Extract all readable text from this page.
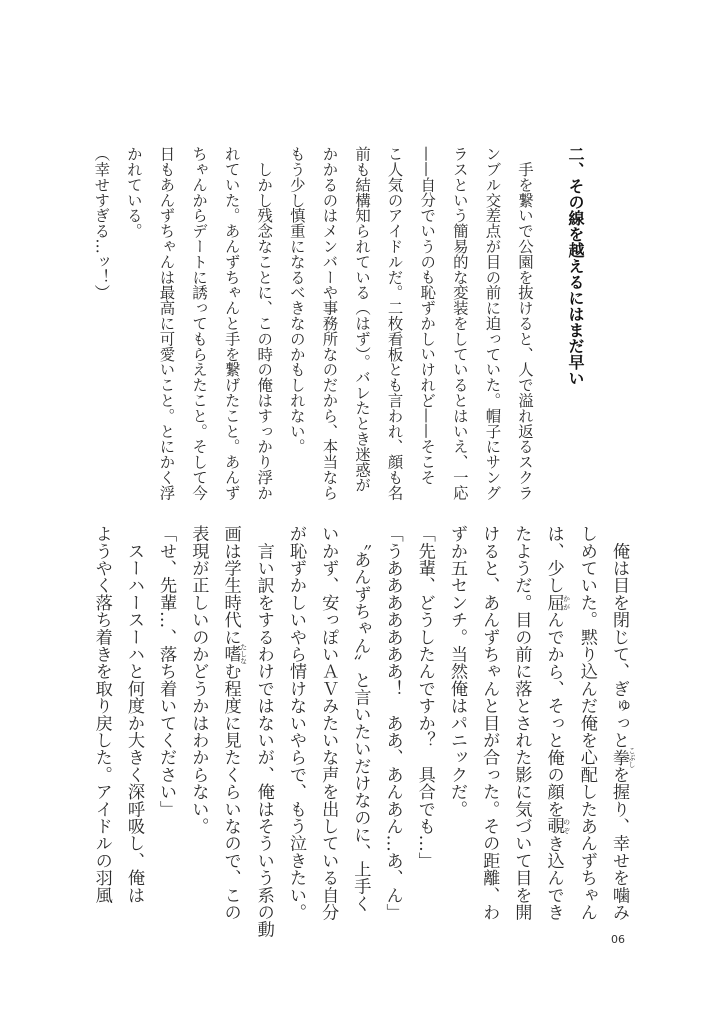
二、その線を越えるにはまだ早い
　手を繋いで公園を抜けると、人で溢れ返るスクラ
ンブル交差点が目の前に迫っていた。帽子にサング
ラスという簡易的な変装をしているとはいえ、一応
——自分でいうのも恥ずかしいけれど——そこそ
こ人気のアイドルだ。二枚看板とも言われ、顔も名
前も結構知られている（はず）。バレたとき迷惑が
かかるのはメンバーや事務所なのだから、本当なら
もう少し慎重になるべきなのかもしれない。
　しかし残念なことに、この時の俺はすっかり浮か
れていた。あんずちゃんと手を繋げたこと。あんず
ちゃんからデートに誘ってもらえたこと。そして今
日もあんずちゃんは最高に可愛いこと。とにかく浮
かれている。
（幸せすぎる…ッ！）
　俺は目を閉じて、ぎゅっと拳 こぶしを握り、幸せを噛み
しめていた。黙り込んだ俺を心配したあんずちゃん
は、少し屈 かがんでから、そっと俺の顔を覗 のぞき込んでき
たようだ。目の前に落とされた影に気づいて目を開
けると、あんずちゃんと目が合った。その距離、わ
ずか五センチ。当然俺はパニックだ。
「先輩、どうしたんですか？　具合でも…」
「うあああああああ！　ああ、あんあん…あ、ん」
　〝あんずちゃん〟と言いたいだけなのに、上手く
いかず、安っぽいＡＶみたいな声を出している自分
が恥ずかしいやら情けないやらで、もう泣きたい。
　言い訳をするわけではないが、俺はそういう系の動
画は学生時代に嗜 たしなむ程度に見たくらいなので、この
表現が正しいのかどうかはわからない。
「せ、先輩…、落ち着いてください」
　スーハースーハと何度か大きく深呼吸し、俺は
ようやく落ち着きを取り戻した。アイドルの羽風
06
